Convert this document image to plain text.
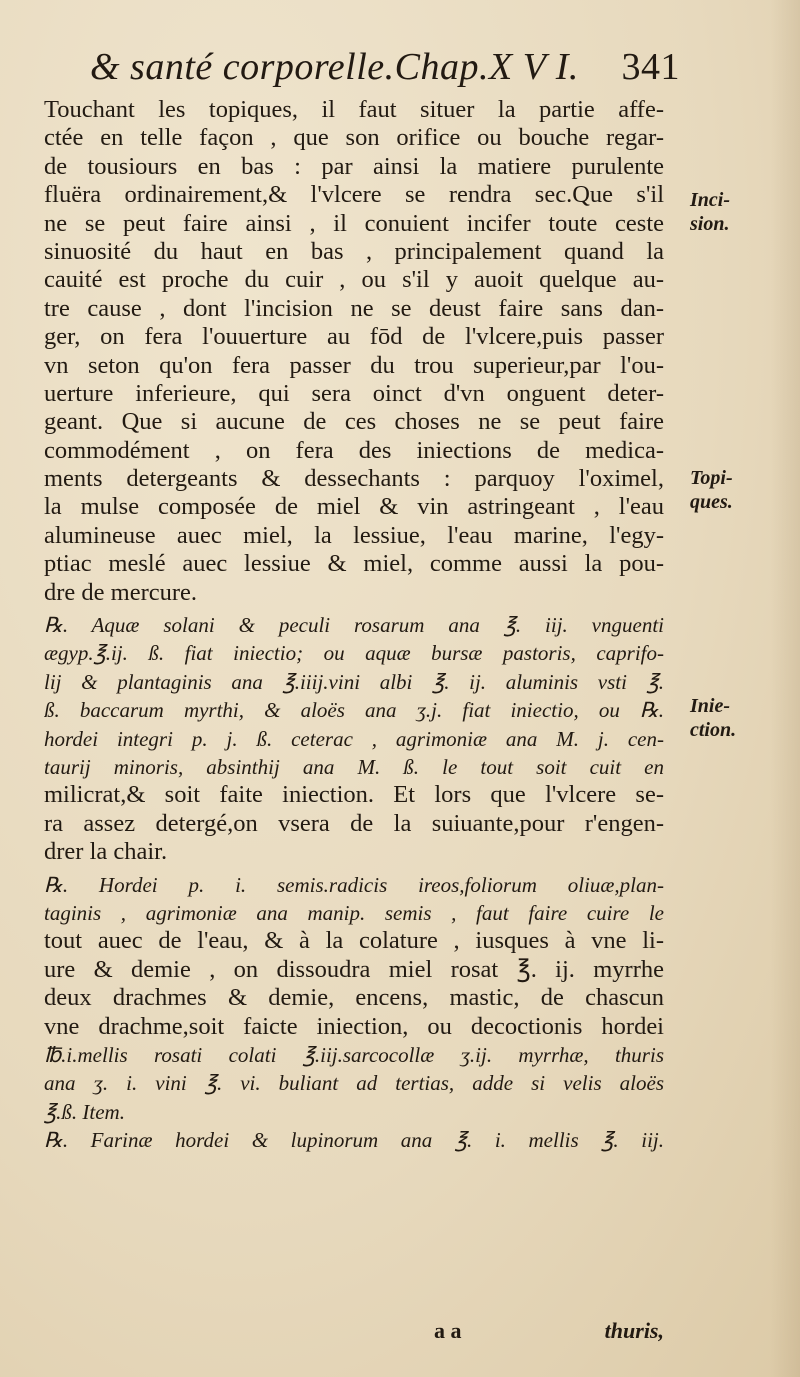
& santé corporelle.Chap.X V I. 341
Touchant les topiques, il faut situer la partie affe-
ctée en telle façon , que son orifice ou bouche regar-
de tousiours en bas : par ainsi la matiere purulente
fluëra ordinairement,& l'vlcere se rendra sec.Que s'il
ne se peut faire ainsi , il conuient incifer toute ceste
sinuosité du haut en bas , principalement quand la
cauité est proche du cuir , ou s'il y auoit quelque au-
tre cause , dont l'incision ne se deust faire sans dan-
ger, on fera l'ouuerture au fōd de l'vlcere,puis passer
vn seton qu'on fera passer du trou superieur,par l'ou-
uerture inferieure, qui sera oinct d'vn onguent deter-
geant. Que si aucune de ces choses ne se peut faire
commodément , on fera des iniections de medica-
ments detergeants & dessechants : parquoy l'oximel,
la mulse composée de miel & vin astringeant , l'eau
alumineuse auec miel, la lessiue, l'eau marine, l'egy-
ptiac meslé auec lessiue & miel, comme aussi la pou-
dre de mercure.
℞. Aquæ solani & peculi rosarum ana ℥. iij. vnguenti
ægyp.℥.ij. ß. fiat iniectio; ou aquæ bursæ pastoris, caprifo-
lij & plantaginis ana ℥.iiij.vini albi ℥. ij. aluminis vsti ℥.
ß. baccarum myrthi, & aloës ana ʒ.j. fiat iniectio, ou ℞.
hordei integri p. j. ß. ceterac , agrimoniæ ana M. j. cen-
taurij minoris, absinthij ana M. ß. le tout soit cuit en
milicrat,& soit faite iniection. Et lors que l'vlcere se-
ra assez detergé,on vsera de la suiuante,pour r'engen-
drer la chair.
℞. Hordei p. i. semis.radicis ireos,foliorum oliuæ,plan-
taginis , agrimoniæ ana manip. semis , faut faire cuire le
tout auec de l'eau, & à la colature , iusques à vne li-
ure & demie , on dissoudra miel rosat ℥. ij. myrrhe
deux drachmes & demie, encens, mastic, de chascun
vne drachme,soit faicte iniection, ou decoctionis hordei
℔.i.mellis rosati colati ℥.iij.sarcocollæ ʒ.ij. myrrhæ, thuris
ana ʒ. i. vini ℥. vi. buliant ad tertias, adde si velis aloës
℥.ß. Item.
℞. Farinæ hordei & lupinorum ana ℥. i. mellis ℥. iij.
Inci-
sion.
Topi-
ques.
Inie-
ction.
a a	thuris,
